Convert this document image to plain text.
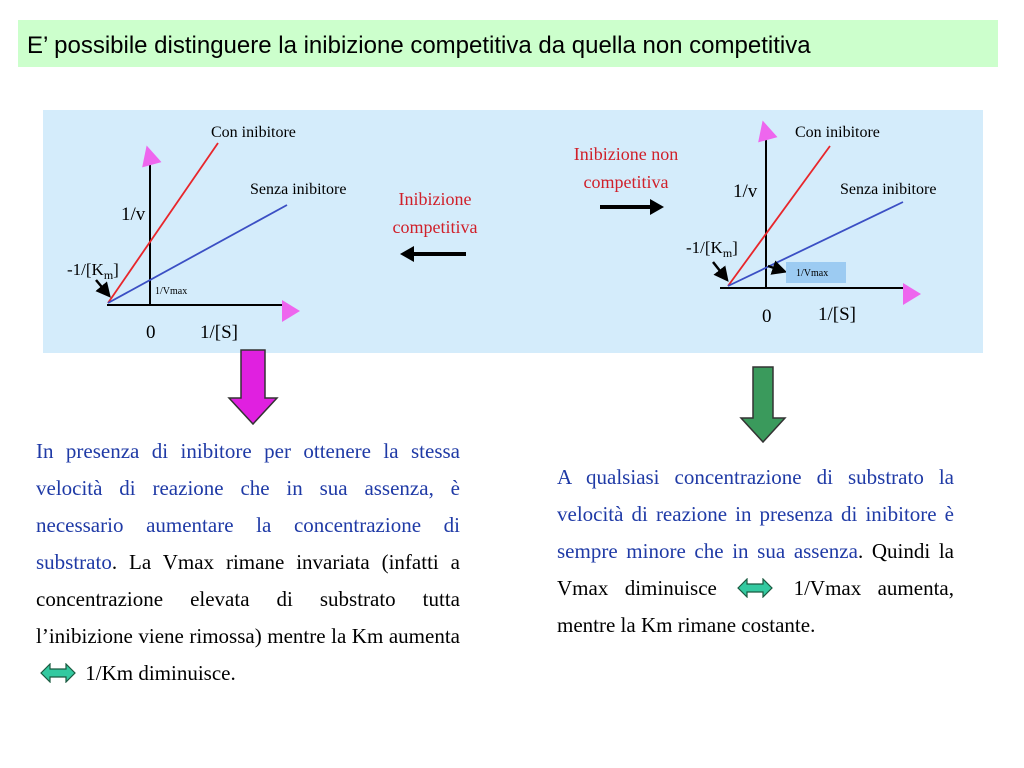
E’ possibile distinguere la inibizione competitiva da quella non competitiva
1/v
0 1/[S]
Con inibitore
Senza inibitore
$-1/[K_m]$
1/Vmax
Inibizione
competitiva
Inibizione non
competitiva	1/v
0 1/[S]
Con inibitore
Senza inibitore
$-1/[K_m]$
1/Vmax

In presenza di inibitore per ottenere la stessa velocità di reazione che in sua assenza, è necessario aumentare la concentrazione di substrato. La Vmax rimane invariata (infatti a concentrazione elevata di substrato tutta l’inibizione viene rimossa) mentre la Km aumenta  1/Km diminuisce.

A qualsiasi concentrazione di substrato la velocità di reazione in presenza di inibitore è sempre minore che in sua assenza. Quindi la Vmax diminuisce	1/Vmax aumenta, mentre la Km rimane costante.
